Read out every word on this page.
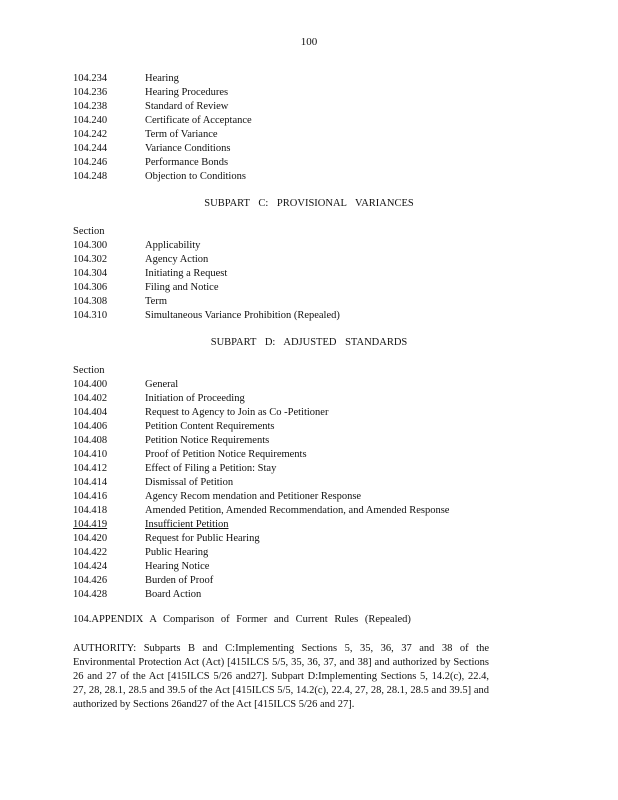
100
104.234	Hearing
104.236	Hearing Procedures
104.238	Standard of Review
104.240	Certificate of Acceptance
104.242	Term of Variance
104.244	Variance Conditions
104.246	Performance Bonds
104.248	Objection to Conditions
SUBPART C: PROVISIONAL VARIANCES
Section
104.300	Applicability
104.302	Agency Action
104.304	Initiating a Request
104.306	Filing and Notice
104.308	Term
104.310	Simultaneous Variance Prohibition (Repealed)
SUBPART D: ADJUSTED STANDARDS
Section
104.400	General
104.402	Initiation of Proceeding
104.404	Request to Agency to Join as Co -Petitioner
104.406	Petition Content Requirements
104.408	Petition Notice Requirements
104.410	Proof of Petition Notice Requirements
104.412	Effect of Filing a Petition: Stay
104.414	Dismissal of Petition
104.416	Agency Recom mendation and Petitioner Response
104.418	Amended Petition, Amended Recommendation, and Amended Response
104.419	Insufficient Petition
104.420	Request for Public Hearing
104.422	Public Hearing
104.424	Hearing Notice
104.426	Burden of Proof
104.428	Board Action
104.APPENDIX A Comparison of Former and Current Rules (Repealed)

AUTHORITY: Subparts B and C:Implementing Sections 5, 35, 36, 37 and 38 of the Environmental Protection Act (Act) [415ILCS 5/5, 35, 36, 37, and 38] and authorized by Sections 26 and 27 of the Act [415ILCS 5/26 and27]. Subpart D:Implementing Sections 5, 14.2(c), 22.4, 27, 28, 28.1, 28.5 and 39.5 of the Act [415ILCS 5/5, 14.2(c), 22.4, 27, 28, 28.1, 28.5 and 39.5] and authorized by Sections 26and27 of the Act [415ILCS 5/26 and 27].
